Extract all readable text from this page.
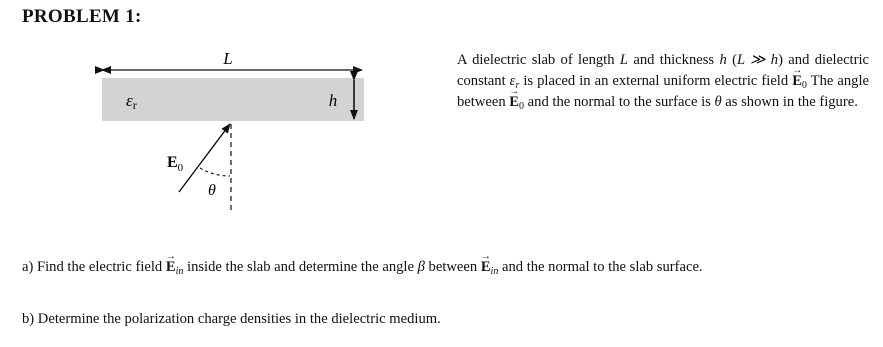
PROBLEM 1:
L
h
εr
$E_0$
θ
A dielectric slab of length L and thickness h (L ≫ h) and dielectric constant $\varepsilon_r$ is placed in an external uniform electric field → $E_0$ The angle between → $E_0$ and the normal to the surface is θ as shown in the figure.
a) Find the electric field → $E_{in}$ inside the slab and determine the angle β between → $E_{in}$ and the normal to the slab surface.
b) Determine the polarization charge densities in the dielectric medium.
